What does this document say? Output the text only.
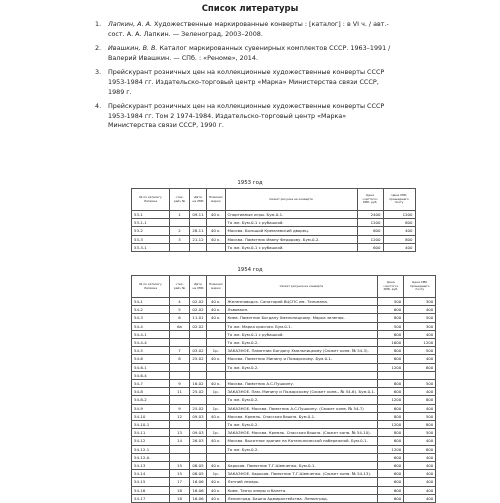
Список литературы
1. Лапкин, А. А. Художественные маркированные конверты : [каталог] : в VI ч. / авт.-сост. А. А. Лапкин. — Зеленоград, 2003–2008.
2. Ивашкин, В. В. Каталог маркированных сувенирных комплектов СССР. 1963–1991 / Валерий Ивашкин. — СПб. : «Реноме», 2014.
3. Прейскурант розничных цен на коллекционные художественные конверты СССР 1953-1984 гг. Издательско-торговый центр «Марка» Министерства связи СССР, 1989 г.
4. Прейскурант розничных цен на коллекционные художественные конверты СССР 1953-1984 гг. Том 2 1974-1984. Издательско-торговый центр «Марка» Министерства связи СССР, 1990 г.
1953 год
№ по каталогу Лапкина	«тех-рай» №	Дата на ХМК	Номинал марки	Сюжет рисунка на конверте	Цена «чистого» ХМК, руб.	Цена ХМК прошедшего почту
53-1	1	09.11	40 к.	Спортивные игры. Бум.0-1.	2400	1200
53-1-1				То же. Бум.0-1 с рубашкой.	1200	800
53-2	2	28.11	40 к.	Москва. Большой Кремлевский дворец.	600	400
53-3	3	21.12	40 к.	Москва. Памятник Ивану Федорову. Бум.0-2.	1200	800
53-3-1				То же. Бум.0-1 с рубашкой.	600	400
1954 год
№ по каталогу Лапкина	«тех-рай» №	Дата на ХМК	Номинал марки	Сюжет рисунка на конверте	Цена «чистого» ХМК, руб.	Цена ХМК прошедшего почту
54-1	4	02.02	40 к.	Железноводск. Санаторий ВЦСПС им. Тельмана.	500	300
54-2	5	02.02	40 к.	Львовкин.	600	400
54-3	6	11.01	40 к.	Киев. Памятник Богдану Хмельницкому. Марка зеленая.	800	500
54-4	6а	02.02		То же. Марка красная. Бум.0-1.	500	300
54-4-1				То же. Бум.0-1 с рубашкой.	600	400
54-4-4				То же. Бум.0-2.	1600	1200
54-5	7	03.02	1р.	ЗАКАЗНОЕ. Памятник Богдану Хмельницкому (Сюжет конв. № 54-3).	800	500
54-6	8	25.02	40 к.	Москва. Памятник Минину и Пожарскому. Бум.0-1.	600	400
54-6-1				То же. Бум.0-2.	1200	800
54-6-4						
54-7	9	16.02	40 к.	Москва. Памятник А.С.Пушкину.	800	500
54-8	11	25.02	1р.	ЗАКАЗНОЕ. Пам. Минину и Пожарскому (Сюжет конв.- № 54-6). Бум.0-1.	600	400
54-8-2				То же. Бум.0-2.	1200	800
54-9	9	25.02	1р.	ЗАКАЗНОЕ. Москва. Памятник А.С.Пушкину. (Сюжет конв. № 54-7)	600	400
54-10	12	09.03	40 к.	Москва. Кремль. Спасская башня. Бум.0-1.	800	500
54-10-1				То же. Бум.0-2.	1200	800
54-11	13	09.03	1р.	ЗАКАЗНОЕ. Москва. Кремль. Спасская башня. (Сюжет конв. № 54-10).	800	500
54-12	14	26.03	40 к.	Москва. Высотное здание на Котельнической набережной. Бум.0-1.	600	400
54-12-1				То же. Бум.0-2.	1200	800
54-12-А					600	400
54-13	15	08.05	40 к.	Харьков. Памятник Т.Г.Шевченко. Бум.0-1.	600	400
54-14	15	08.05	1р.	ЗАКАЗНОЕ. Харьков. Памятник Т.Г.Шевченко. (Сюжет конв. № 54-13).	600	400
54-15	17	16.06	40 к.	Летний лекарь.	600	400
54-16	18	16.06	40 к.	Киев. Театр оперы и балета.	600	400
54-17	18	16.06	40 к.	Ленинград. Башня Адмиралтейства. Ленинград.	600	400
